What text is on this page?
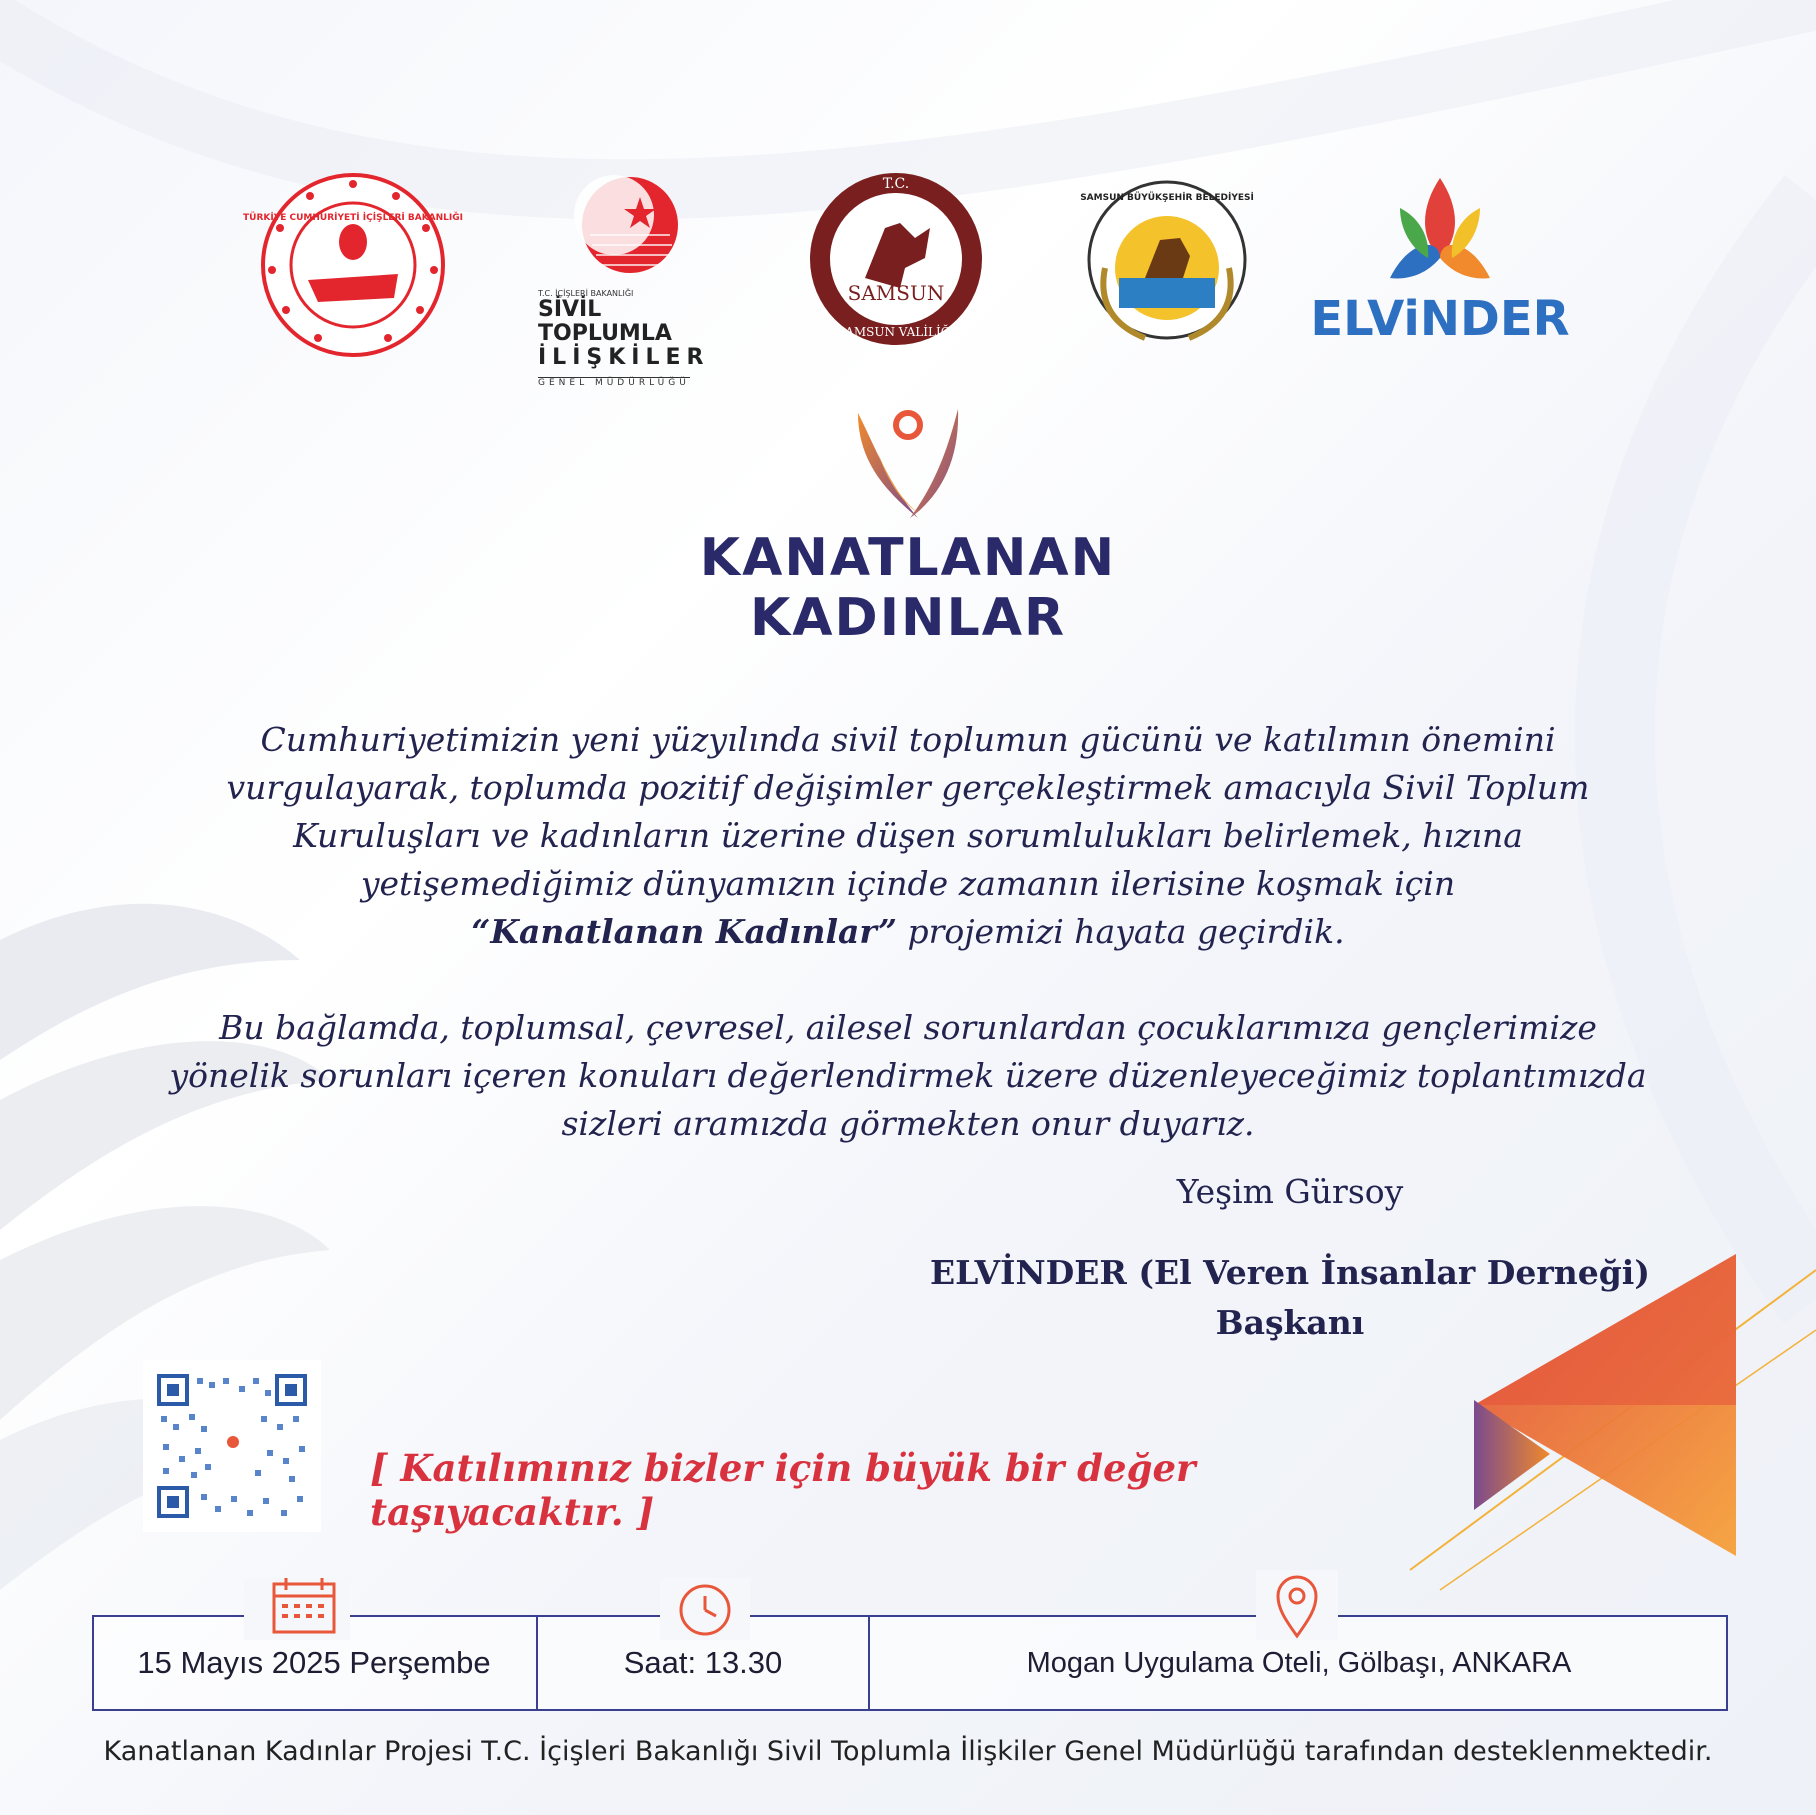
TÜRKİYE CUMHURİYETİ İÇİŞLERİ BAKANLIĞI
T.C. İÇİŞLERİ BAKANLIĞI
SİVİL TOPLUMLA
İLİŞKİLER
GENEL MÜDÜRLÜĞÜ
T.C.
SAMSUN
SAMSUN VALİLİĞİ
SAMSUN BÜYÜKŞEHİR BELEDİYESİ
ELViNDER
KANATLANAN
KADINLAR
Cumhuriyetimizin yeni yüzyılında sivil toplumun gücünü ve katılımın önemini
vurgulayarak, toplumda pozitif değişimler gerçekleştirmek amacıyla Sivil Toplum
Kuruluşları ve kadınların üzerine düşen sorumlulukları belirlemek, hızına
yetişemediğimiz dünyamızın içinde zamanın ilerisine koşmak için
“Kanatlanan Kadınlar” projemizi hayata geçirdik.
Bu bağlamda, toplumsal, çevresel, ailesel sorunlardan çocuklarımıza gençlerimize
yönelik sorunları içeren konuları değerlendirmek üzere düzenleyeceğimiz toplantımızda
sizleri aramızda görmekten onur duyarız.
Yeşim Gürsoy
ELVİNDER (El Veren İnsanlar Derneği)
Başkanı
[ Katılımınız bizler için büyük bir değer taşıyacaktır. ]
15 Mayıs 2025 Perşembe	Saat: 13.30	Mogan Uygulama Oteli, Gölbaşı, ANKARA
Kanatlanan Kadınlar Projesi T.C. İçişleri Bakanlığı Sivil Toplumla İlişkiler Genel Müdürlüğü tarafından desteklenmektedir.
